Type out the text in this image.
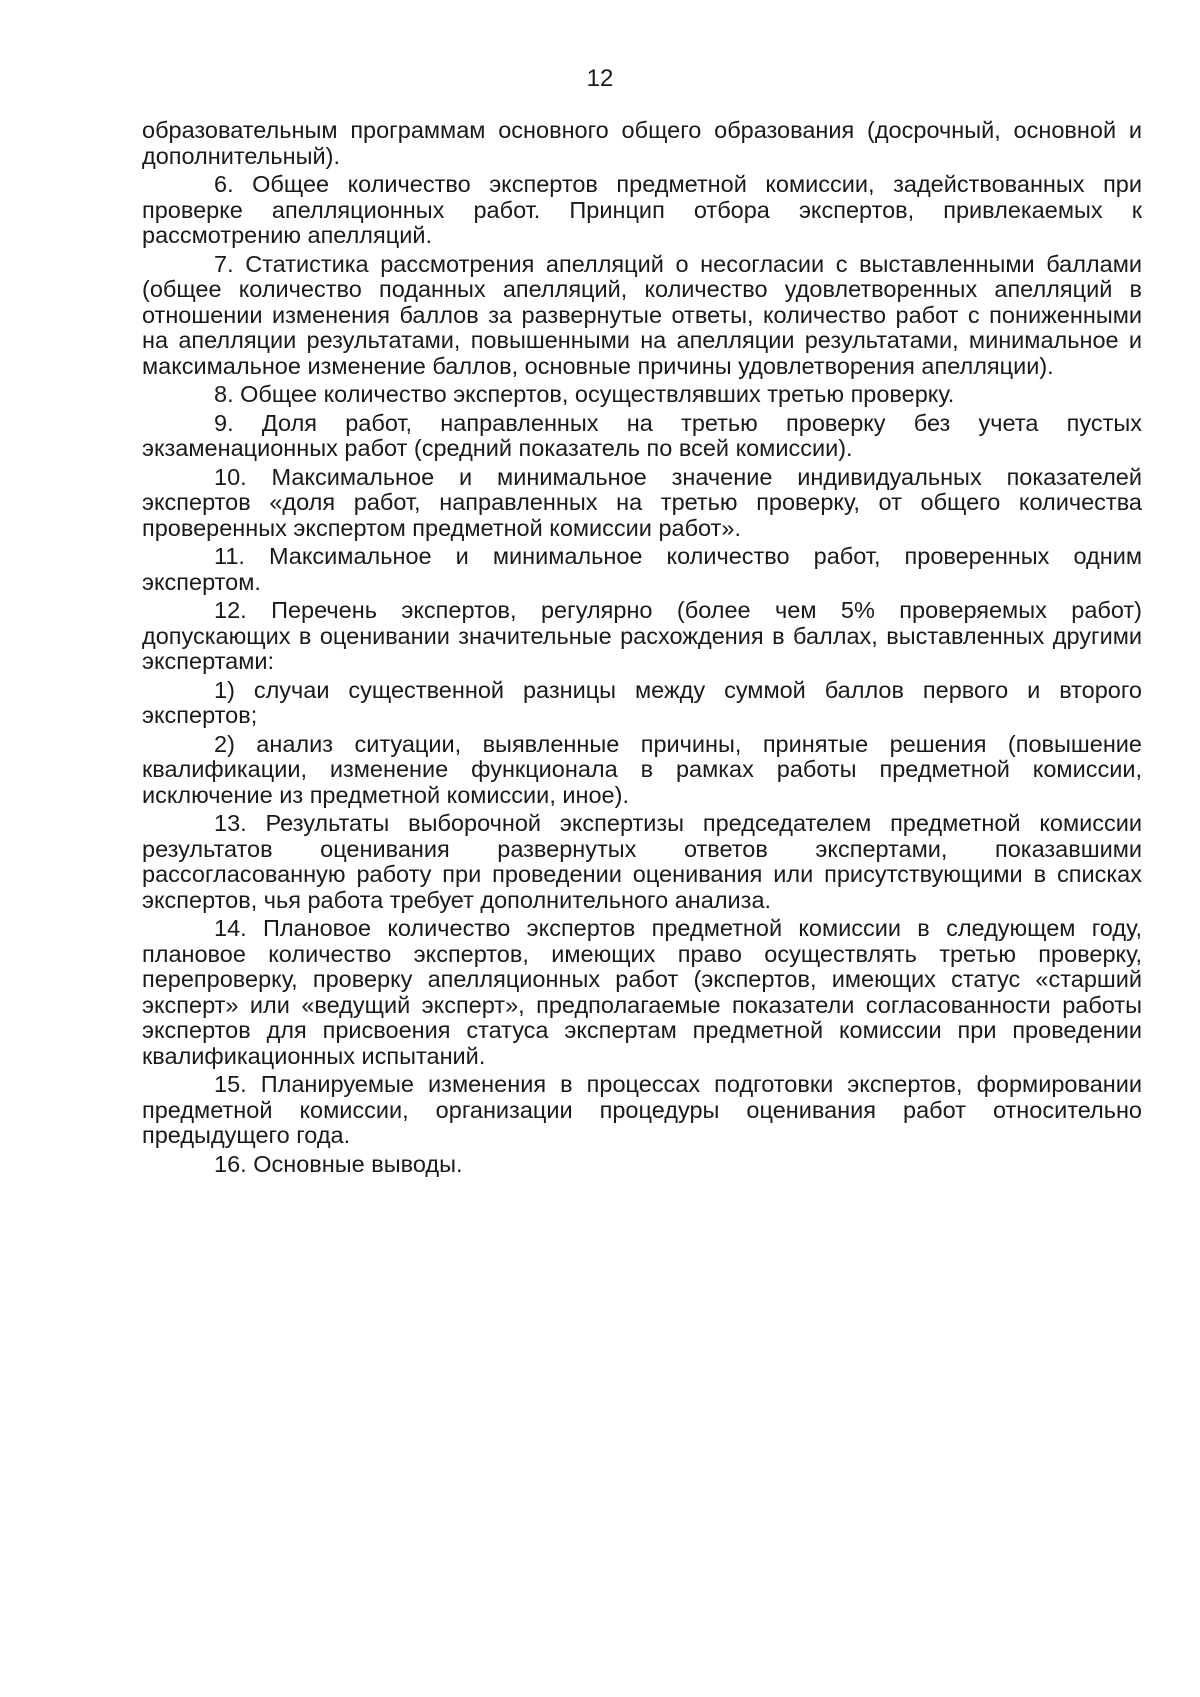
12

образовательным программам основного общего образования (досрочный, основной и дополнительный).

6. Общее количество экспертов предметной комиссии, задействованных при проверке апелляционных работ. Принцип отбора экспертов, привлекаемых к рассмотрению апелляций.

7. Статистика рассмотрения апелляций о несогласии с выставленными баллами (общее количество поданных апелляций, количество удовлетворенных апелляций в отношении изменения баллов за развернутые ответы, количество работ с пониженными на апелляции результатами, повышенными на апелляции результатами, минимальное и максимальное изменение баллов, основные причины удовлетворения апелляции).

8. Общее количество экспертов, осуществлявших третью проверку.

9. Доля работ, направленных на третью проверку без учета пустых экзаменационных работ (средний показатель по всей комиссии).

10. Максимальное и минимальное значение индивидуальных показателей экспертов «доля работ, направленных на третью проверку, от общего количества проверенных экспертом предметной комиссии работ».

11. Максимальное и минимальное количество работ, проверенных одним экспертом.

12. Перечень экспертов, регулярно (более чем 5% проверяемых работ) допускающих в оценивании значительные расхождения в баллах, выставленных другими экспертами:

1) случаи существенной разницы между суммой баллов первого и второго экспертов;

2) анализ ситуации, выявленные причины, принятые решения (повышение квалификации, изменение функционала в рамках работы предметной комиссии, исключение из предметной комиссии, иное).

13. Результаты выборочной экспертизы председателем предметной комиссии результатов оценивания развернутых ответов экспертами, показавшими рассогласованную работу при проведении оценивания или присутствующими в списках экспертов, чья работа требует дополнительного анализа.

14. Плановое количество экспертов предметной комиссии в следующем году, плановое количество экспертов, имеющих право осуществлять третью проверку, перепроверку, проверку апелляционных работ (экспертов, имеющих статус «старший эксперт» или «ведущий эксперт», предполагаемые показатели согласованности работы экспертов для присвоения статуса экспертам предметной комиссии при проведении квалификационных испытаний.

15. Планируемые изменения в процессах подготовки экспертов, формировании предметной комиссии, организации процедуры оценивания работ относительно предыдущего года.

16. Основные выводы.
